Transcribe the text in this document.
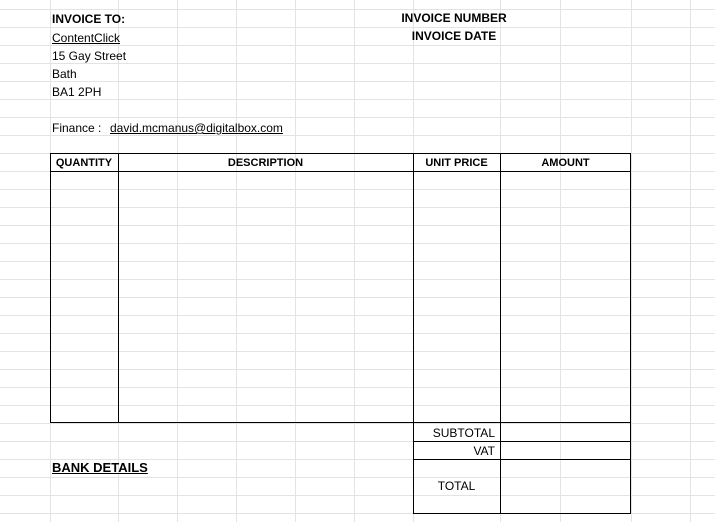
INVOICE TO:
ContentClick
15 Gay Street
Bath
BA1 2PH
Finance : david.mcmanus@digitalbox.com
INVOICE NUMBER
INVOICE DATE
QUANTITY	DESCRIPTION	UNIT PRICE	AMOUNT
SUBTOTAL
VAT
TOTAL
BANK DETAILS
